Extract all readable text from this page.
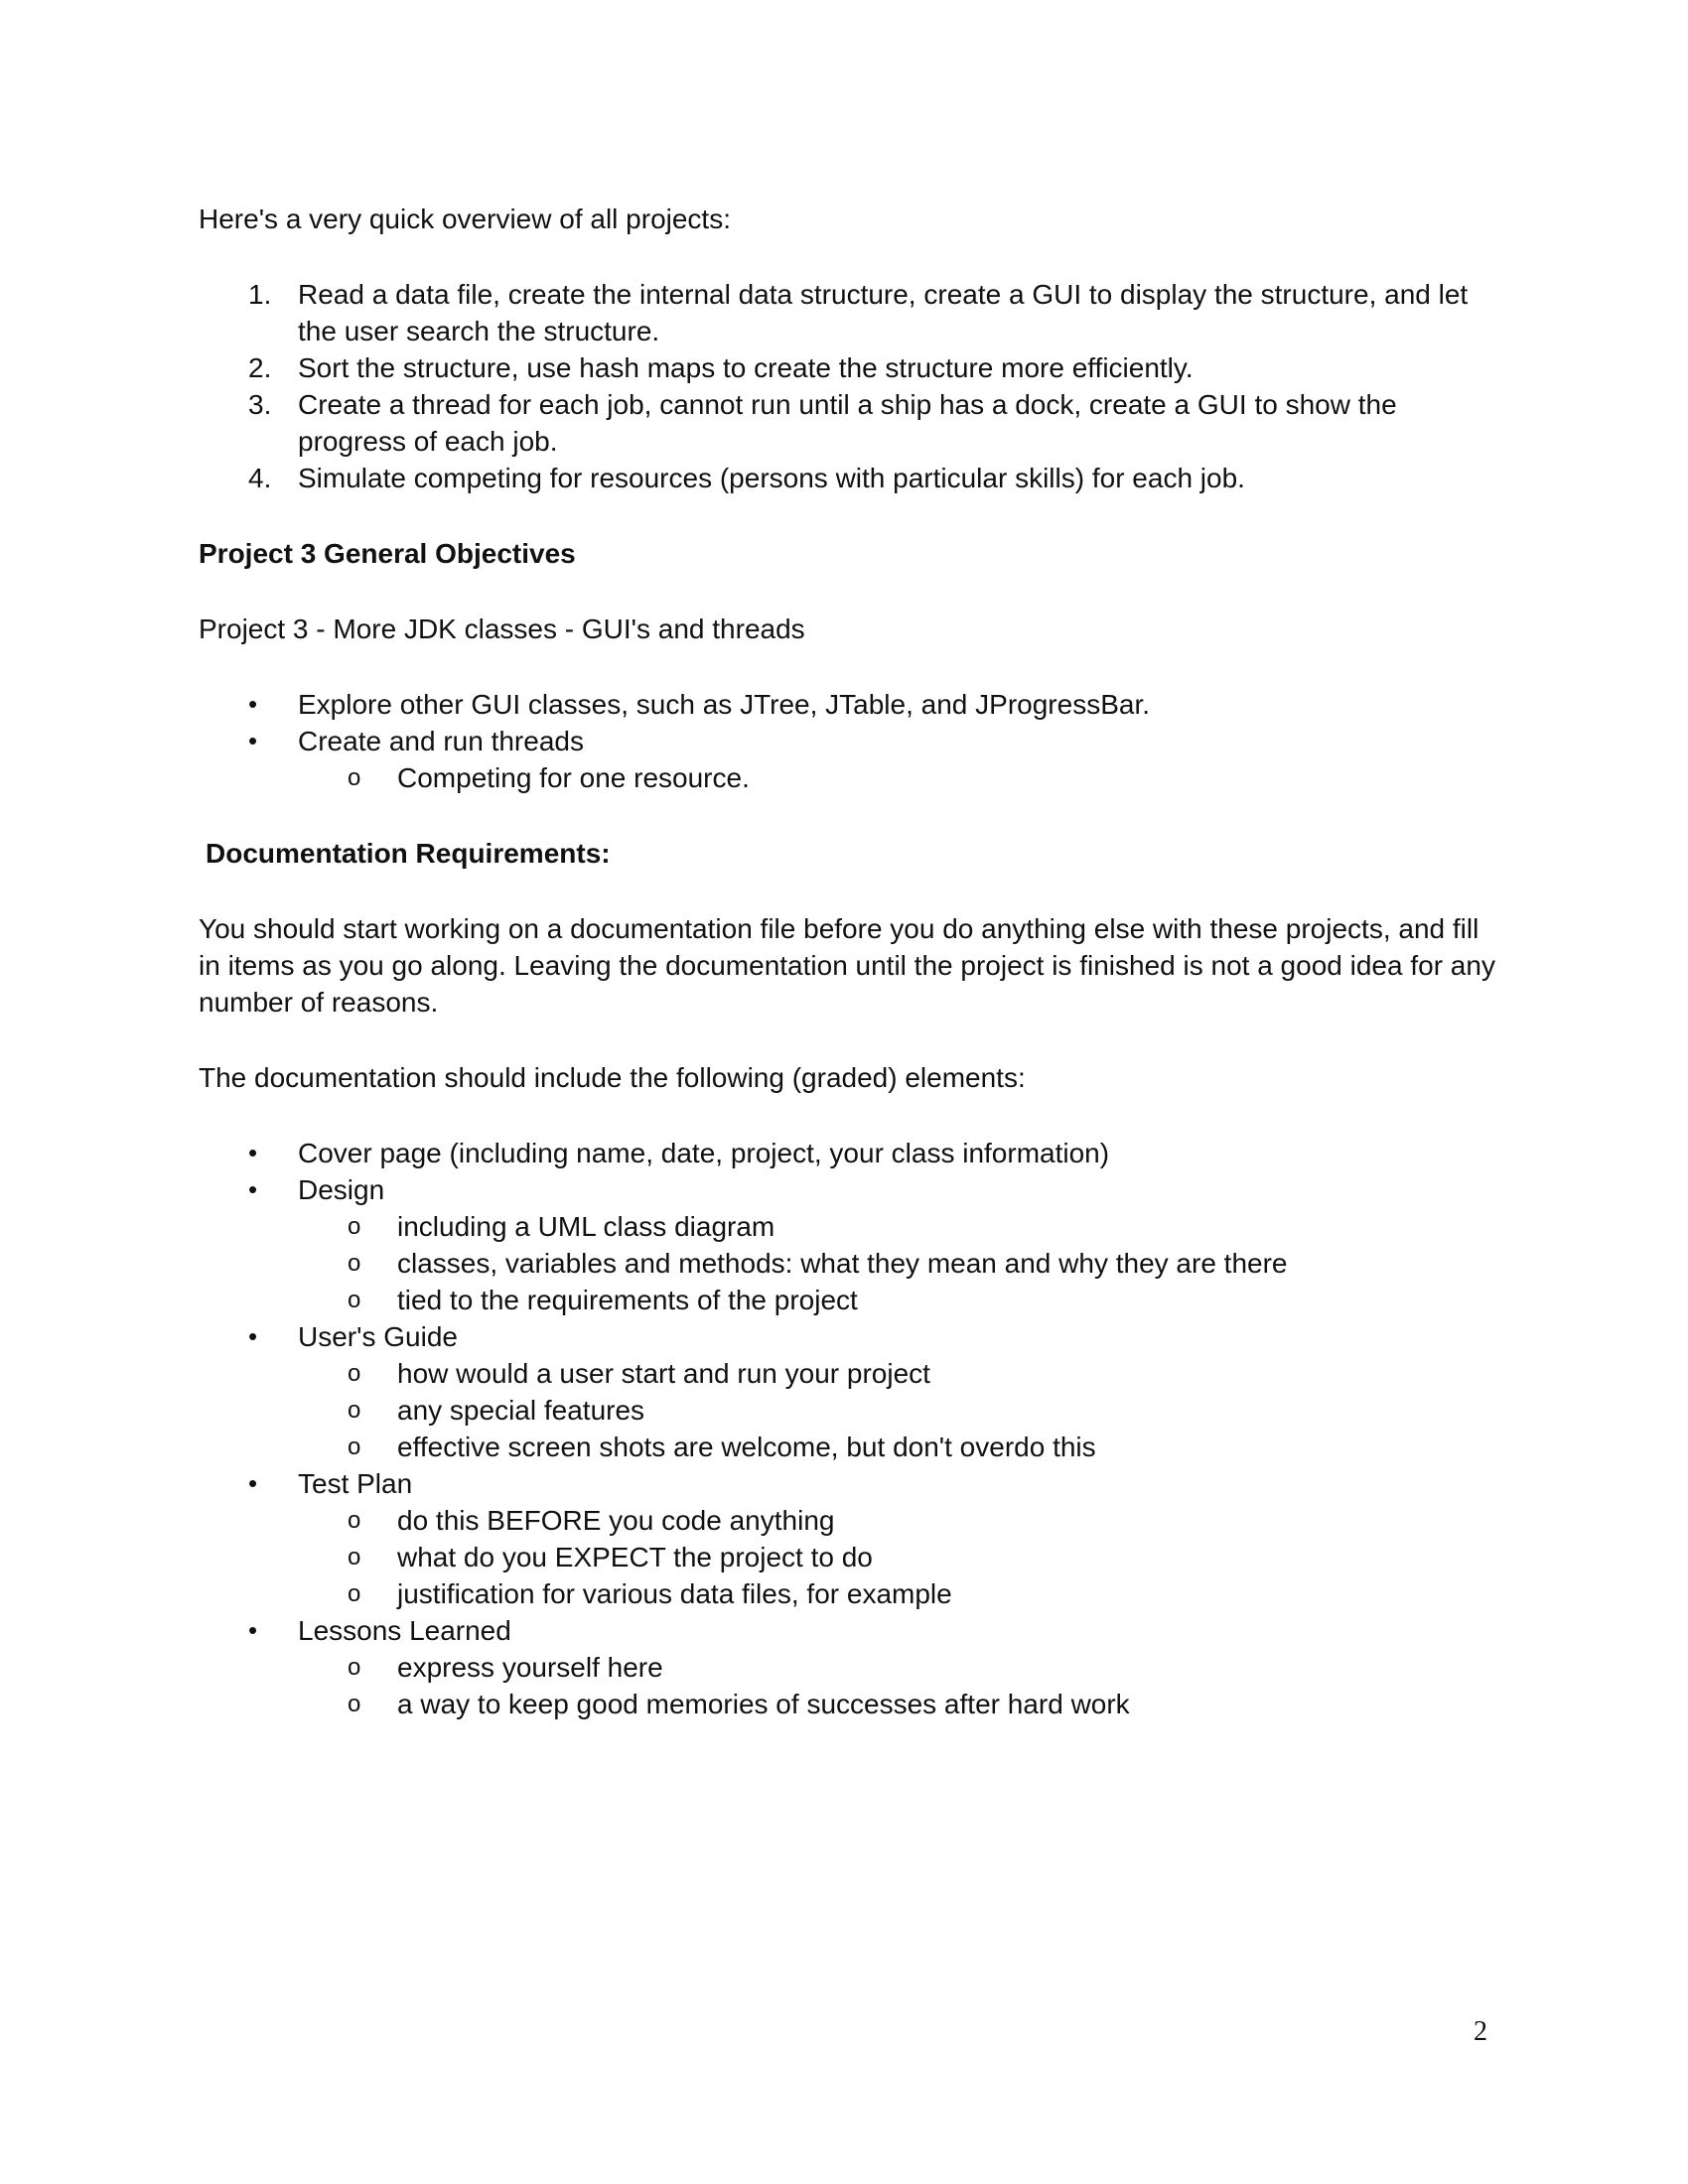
Here's a very quick overview of all projects:

1. Read a data file, create the internal data structure, create a GUI to display the structure, and let the user search the structure.
2. Sort the structure, use hash maps to create the structure more efficiently.
3. Create a thread for each job, cannot run until a ship has a dock, create a GUI to show the progress of each job.
4. Simulate competing for resources (persons with particular skills) for each job.

Project 3 General Objectives

Project 3 - More JDK classes - GUI's and threads

• Explore other GUI classes, such as JTree, JTable, and JProgressBar.
• Create and run threads
o Competing for one resource.

Documentation Requirements:

You should start working on a documentation file before you do anything else with these projects, and fill in items as you go along. Leaving the documentation until the project is finished is not a good idea for any number of reasons.

The documentation should include the following (graded) elements:

• Cover page (including name, date, project, your class information)
• Design
o including a UML class diagram
o classes, variables and methods: what they mean and why they are there
o tied to the requirements of the project
• User's Guide
o how would a user start and run your project
o any special features
o effective screen shots are welcome, but don't overdo this
• Test Plan
o do this BEFORE you code anything
o what do you EXPECT the project to do
o justification for various data files, for example
• Lessons Learned
o express yourself here
o a way to keep good memories of successes after hard work
2
